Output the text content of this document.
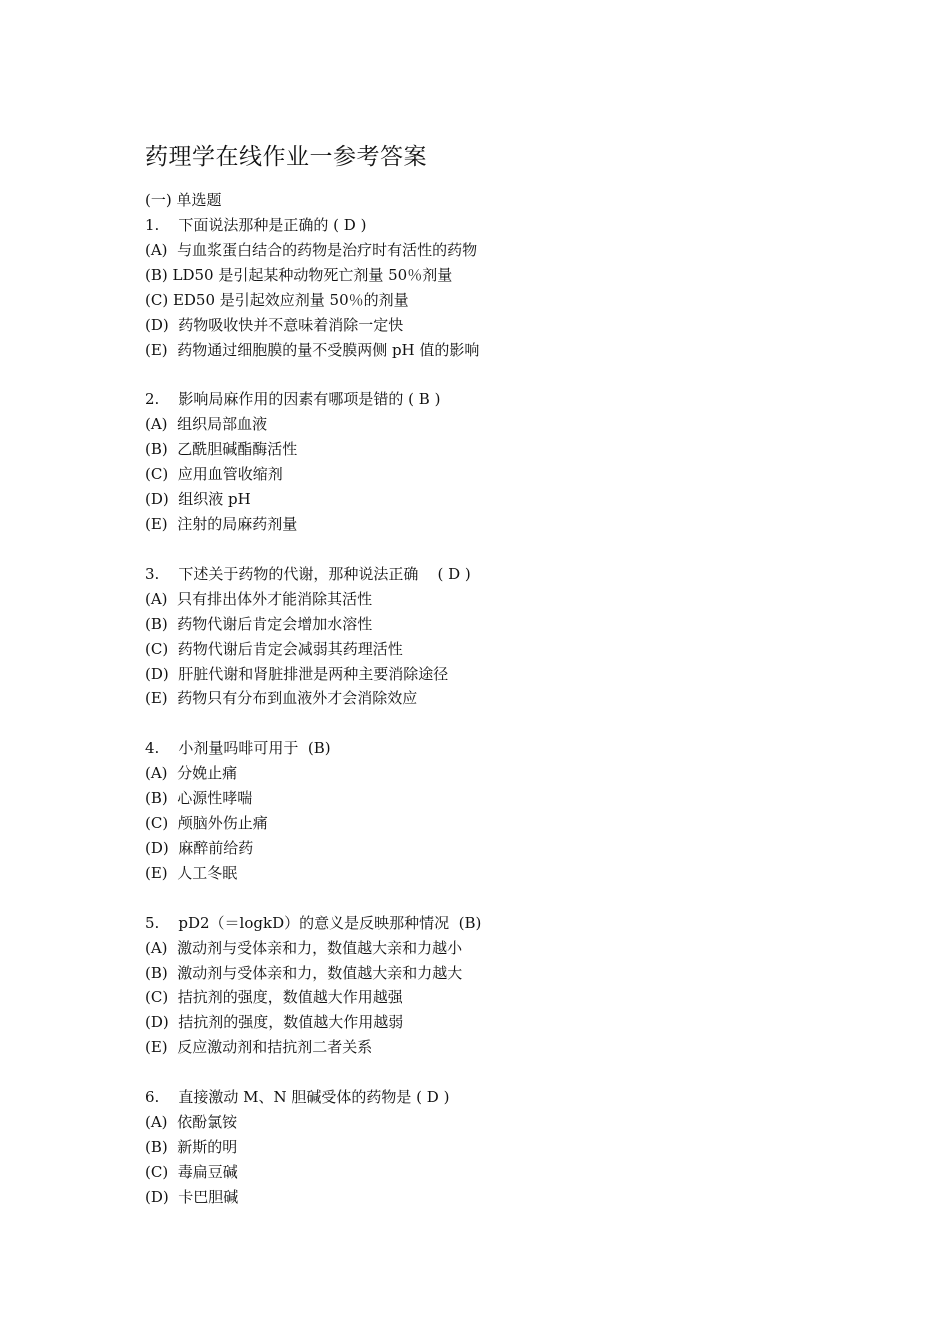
药理学在线作业一参考答案

(一) 单选题

1.    下面说法那种是正确的 ( D )

(A)  与血浆蛋白结合的药物是治疗时有活性的药物

(B) LD50 是引起某种动物死亡剂量 50％剂量

(C) ED50 是引起效应剂量 50％的剂量

(D)  药物吸收快并不意味着消除一定快

(E)  药物通过细胞膜的量不受膜两侧 pH 值的影响

2.    影响局麻作用的因素有哪项是错的 ( B )

(A)  组织局部血液

(B)  乙酰胆碱酯酶活性

(C)  应用血管收缩剂

(D)  组织液 pH

(E)  注射的局麻药剂量

3.    下述关于药物的代谢，那种说法正确    ( D )

(A)  只有排出体外才能消除其活性

(B)  药物代谢后肯定会增加水溶性

(C)  药物代谢后肯定会减弱其药理活性

(D)  肝脏代谢和肾脏排泄是两种主要消除途径

(E)  药物只有分布到血液外才会消除效应

4.    小剂量吗啡可用于  (B)

(A)  分娩止痛

(B)  心源性哮喘

(C)  颅脑外伤止痛

(D)  麻醉前给药

(E)  人工冬眠

5.    pD2（＝logkD）的意义是反映那种情况  (B)

(A)  激动剂与受体亲和力，数值越大亲和力越小

(B)  激动剂与受体亲和力，数值越大亲和力越大

(C)  拮抗剂的强度，数值越大作用越强

(D)  拮抗剂的强度，数值越大作用越弱

(E)  反应激动剂和拮抗剂二者关系

6.    直接激动 M、N 胆碱受体的药物是 ( D )

(A)  依酚氯铵

(B)  新斯的明

(C)  毒扁豆碱

(D)  卡巴胆碱
